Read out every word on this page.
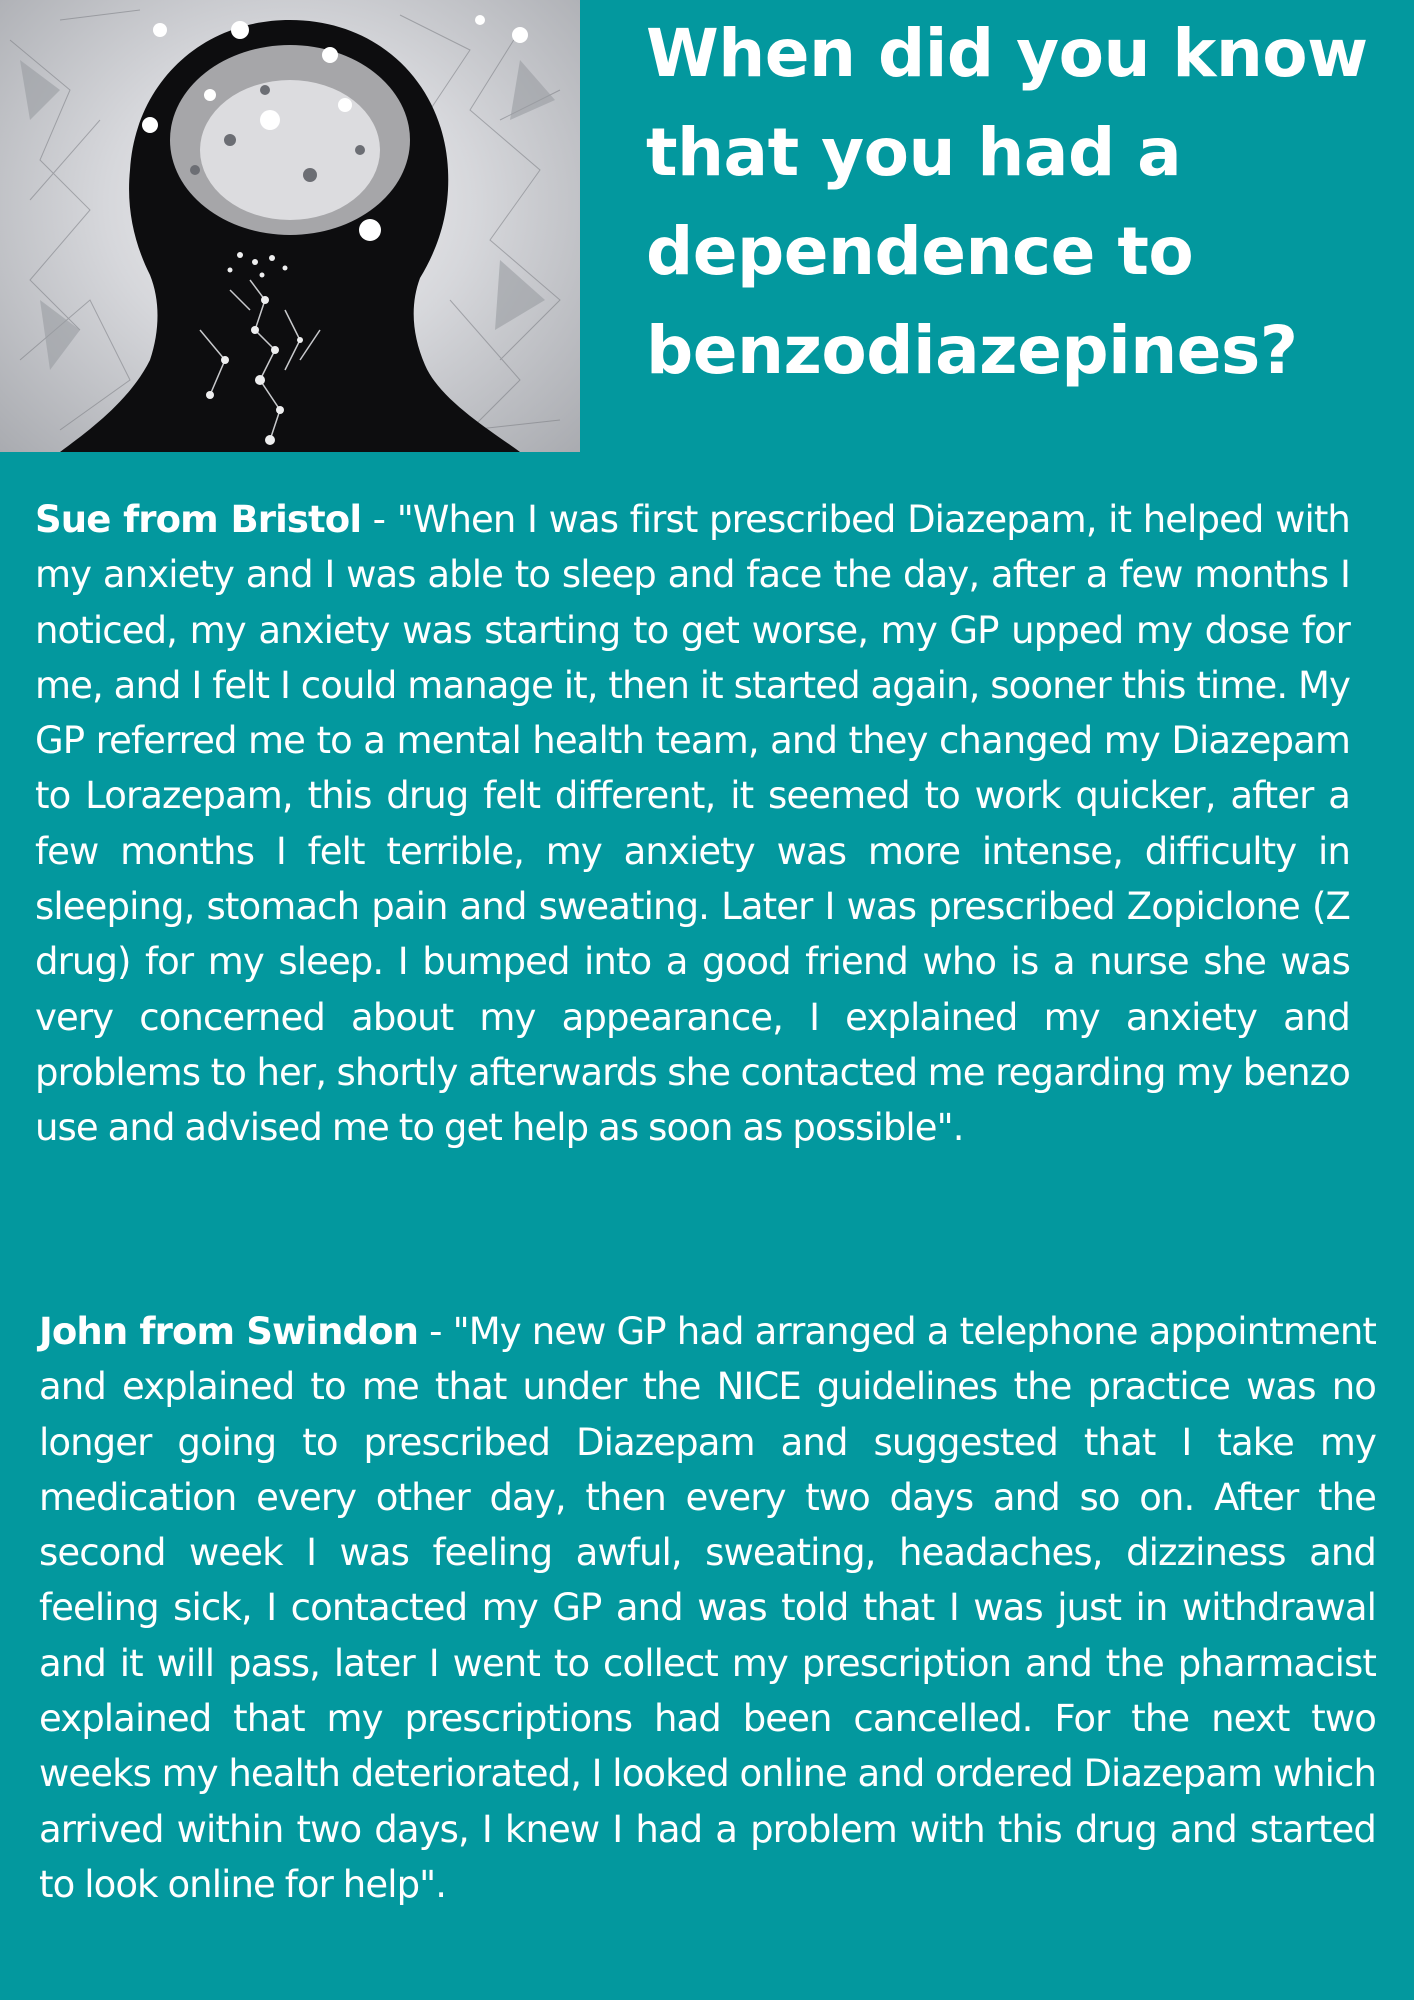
When did you know that you had a dependence to benzodiazepines?

Sue from Bristol - "When I was first prescribed Diazepam, it helped with my anxiety and I was able to sleep and face the day, after a few months I noticed, my anxiety was starting to get worse, my GP upped my dose for me, and I felt I could manage it, then it started again, sooner this time. My GP referred me to a mental health team, and they changed my Diazepam to Lorazepam, this drug felt different, it seemed to work quicker, after a few months I felt terrible, my anxiety was more intense, difficulty in sleeping, stomach pain and sweating. Later I was prescribed Zopiclone (Z drug) for my sleep. I bumped into a good friend who is a nurse she was very concerned about my appearance, I explained my anxiety and problems to her, shortly afterwards she contacted me regarding my benzo use and advised me to get help as soon as possible".

John from Swindon - "My new GP had arranged a telephone appointment and explained to me that under the NICE guidelines the practice was no longer going to prescribed Diazepam and suggested that I take my medication every other day, then every two days and so on. After the second week I was feeling awful, sweating, headaches, dizziness and feeling sick, I contacted my GP and was told that I was just in withdrawal and it will pass, later I went to collect my prescription and the pharmacist explained that my prescriptions had been cancelled. For the next two weeks my health deteriorated, I looked online and ordered Diazepam which arrived within two days, I knew I had a problem with this drug and started to look online for help".
